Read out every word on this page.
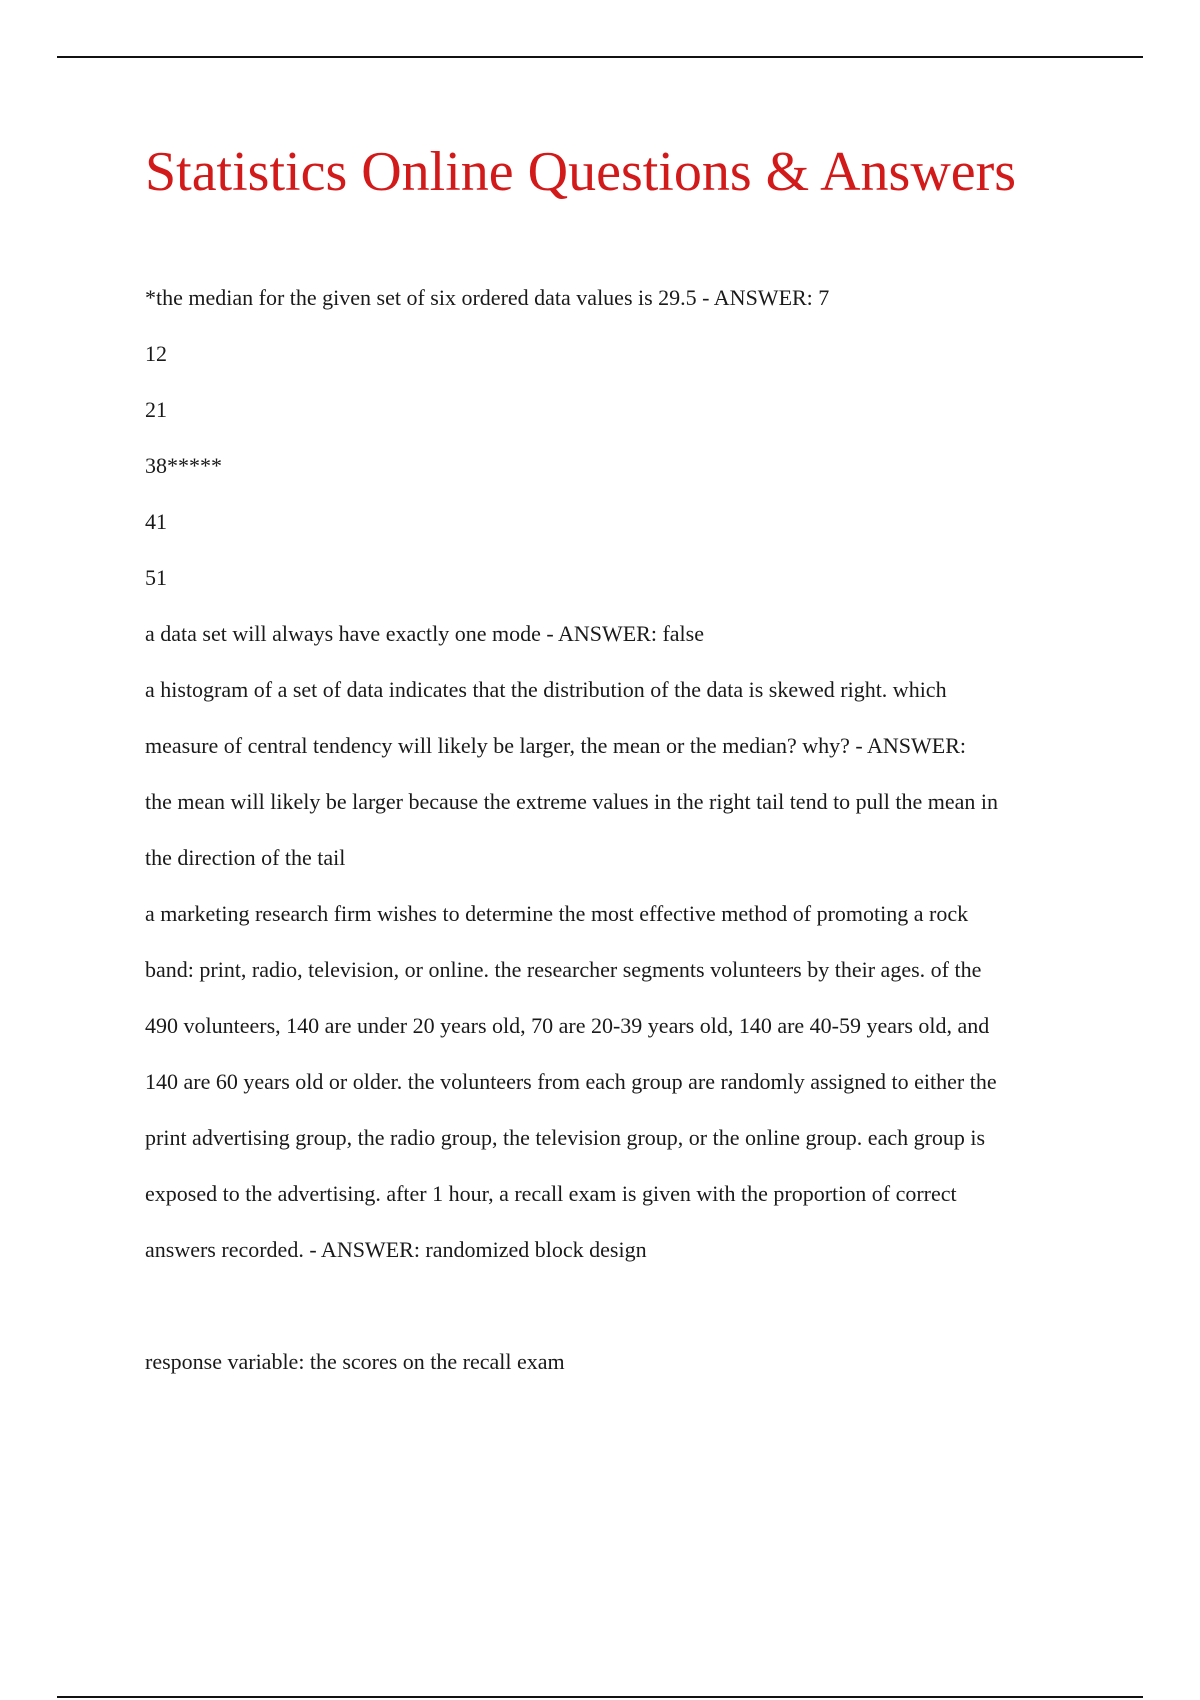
Statistics Online Questions & Answers

*the median for the given set of six ordered data values is 29.5 - ANSWER: 7
12
21
38*****
41
51

a data set will always have exactly one mode - ANSWER: false

a histogram of a set of data indicates that the distribution of the data is skewed right. which
measure of central tendency will likely be larger, the mean or the median? why? - ANSWER:
the mean will likely be larger because the extreme values in the right tail tend to pull the mean in
the direction of the tail

a marketing research firm wishes to determine the most effective method of promoting a rock
band: print, radio, television, or online. the researcher segments volunteers by their ages. of the
490 volunteers, 140 are under 20 years old, 70 are 20-39 years old, 140 are 40-59 years old, and
140 are 60 years old or older. the volunteers from each group are randomly assigned to either the
print advertising group, the radio group, the television group, or the online group. each group is
exposed to the advertising. after 1 hour, a recall exam is given with the proportion of correct
answers recorded. - ANSWER: randomized block design

response variable: the scores on the recall exam
